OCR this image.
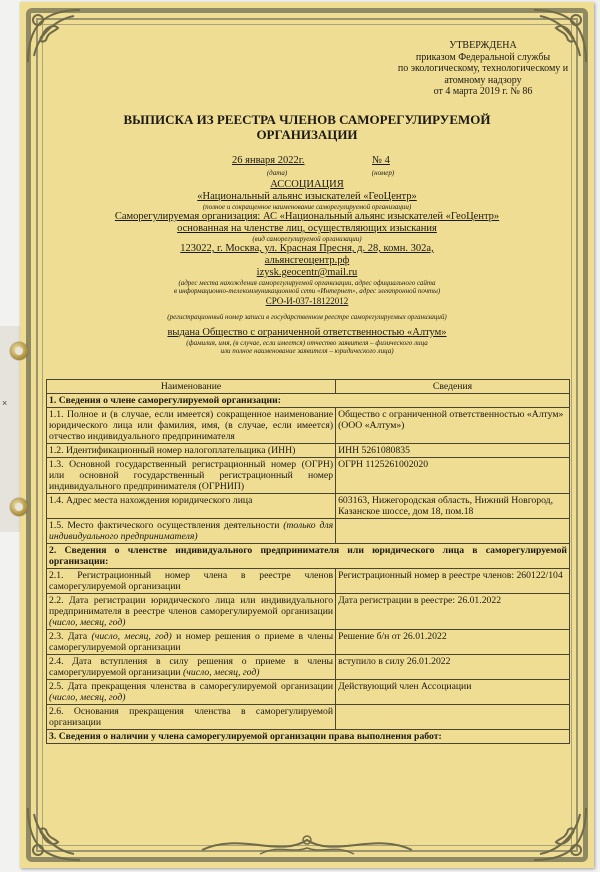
×
УТВЕРЖДЕНА
приказом Федеральной службы
по экологическому, технологическому и
атомному надзору
от 4 марта 2019 г. № 86
ВЫПИСКА ИЗ РЕЕСТРА ЧЛЕНОВ САМОРЕГУЛИРУЕМОЙ
ОРГАНИЗАЦИИ
26 января 2022г.
(дата)
№ 4
(номер)
АССОЦИАЦИЯ
«Национальный альянс изыскателей «ГеоЦентр»
(полное и сокращенное наименование саморегулируемой организации)
Саморегулируемая организация: АС «Национальный альянс изыскателей «ГеоЦентр»
основанная на членстве лиц, осуществляющих изыскания
(вид саморегулируемой организации)
123022, г. Москва, ул. Красная Пресня, д. 28, комн. 302а,
альянсгеоцентр.рф
izysk.geocentr@mail.ru
(адрес места нахождения саморегулируемой организации, адрес официального сайта
в информационно-телекоммуникационной сети «Интернет», адрес электронной почты)
СРО-И-037-18122012
(регистрационный номер записи в государственном реестре саморегулируемых организаций)
выдана Общество с ограниченной ответственностью «Алтум»
(фамилия, имя, (в случае, если имеется) отчество заявителя – физического лица
или полное наименование заявителя – юридического лица)
Наименование	Сведения
1. Сведения о члене саморегулируемой организации:	
1.1. Полное и (в случае, если имеется) сокращенное наименование юридического лица или фамилия, имя, (в случае, если имеется) отчество индивидуального предпринимателя	Общество с ограниченной ответственностью «Алтум» (ООО «Алтум»)
1.2. Идентификационный номер налогоплательщика (ИНН)	ИНН 5261080835
1.3. Основной государственный регистрационный номер (ОГРН) или основной государственный регистрационный номер индивидуального предпринимателя (ОГРНИП)	ОГРН 1125261002020
1.4. Адрес места нахождения юридического лица	603163, Нижегородская область, Нижний Новгород, Казанское шоссе, дом 18, пом.18
1.5. Место фактического осуществления деятельности (только для индивидуального предпринимателя)	
2. Сведения о членстве индивидуального предпринимателя или юридического лица в саморегулируемой организации:	
2.1. Регистрационный номер члена в реестре членов саморегулируемой организации	Регистрационный номер в реестре членов: 260122/104
2.2. Дата регистрации юридического лица или индивидуального предпринимателя в реестре членов саморегулируемой организации (число, месяц, год)	Дата регистрации в реестре: 26.01.2022
2.3. Дата (число, месяц, год) и номер решения о приеме в члены саморегулируемой организации	Решение б/н от 26.01.2022
2.4. Дата вступления в силу решения о приеме в члены саморегулируемой организации (число, месяц, год)	вступило в силу 26.01.2022
2.5. Дата прекращения членства в саморегулируемой организации (число, месяц, год)	Действующий член Ассоциации
2.6. Основания прекращения членства в саморегулируемой организации	
3. Сведения о наличии у члена саморегулируемой организации права выполнения работ:	
